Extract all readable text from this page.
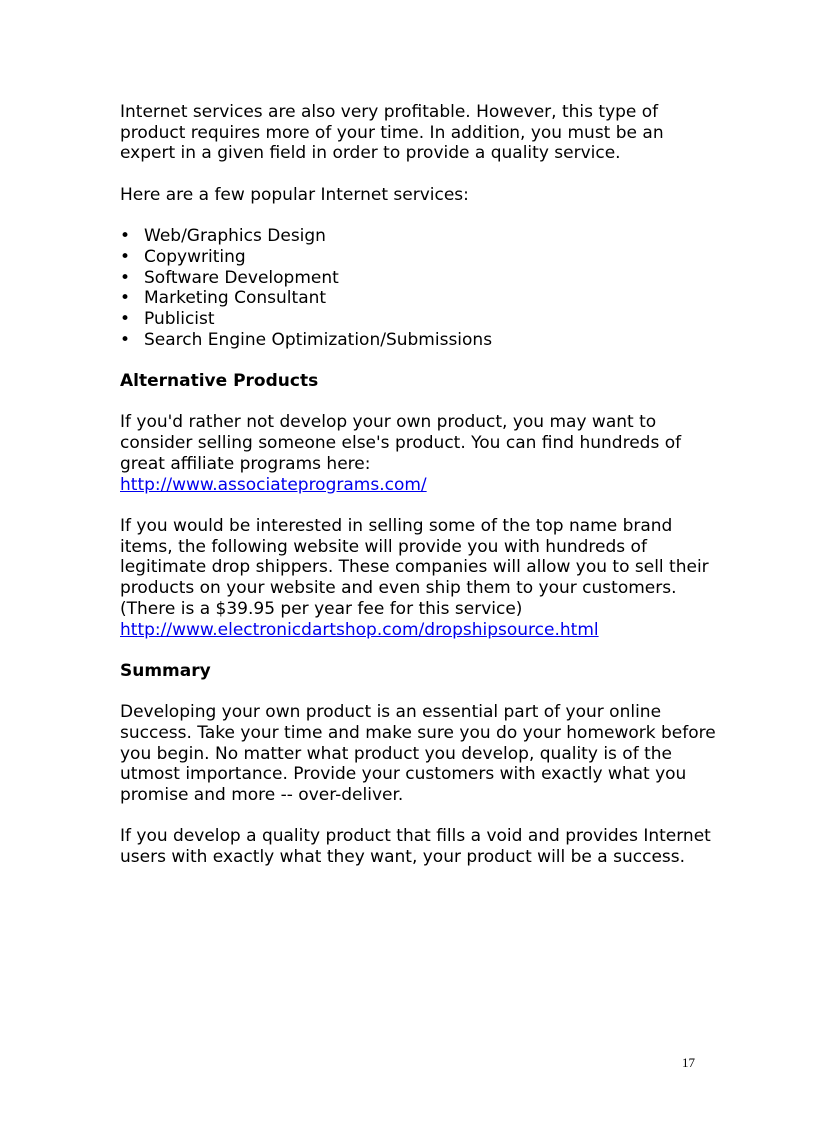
Internet services are also very profitable. However, this type of product requires more of your time. In addition, you must be an expert in a given field in order to provide a quality service.

Here are a few popular Internet services:

• Web/Graphics Design
• Copywriting
• Software Development
• Marketing Consultant
• Publicist
• Search Engine Optimization/Submissions
Alternative Products

If you'd rather not develop your own product, you may want to consider selling someone else's product. You can find hundreds of great affiliate programs here:

http://www.associateprograms.com/

If you would be interested in selling some of the top name brand items, the following website will provide you with hundreds of legitimate drop shippers. These companies will allow you to sell their products on your website and even ship them to your customers. (There is a $39.95 per year fee for this service)

http://www.electronicdartshop.com/dropshipsource.html

Summary

Developing your own product is an essential part of your online success. Take your time and make sure you do your homework before you begin. No matter what product you develop, quality is of the utmost importance. Provide your customers with exactly what you promise and more -- over-deliver.

If you develop a quality product that fills a void and provides Internet users with exactly what they want, your product will be a success.

17
